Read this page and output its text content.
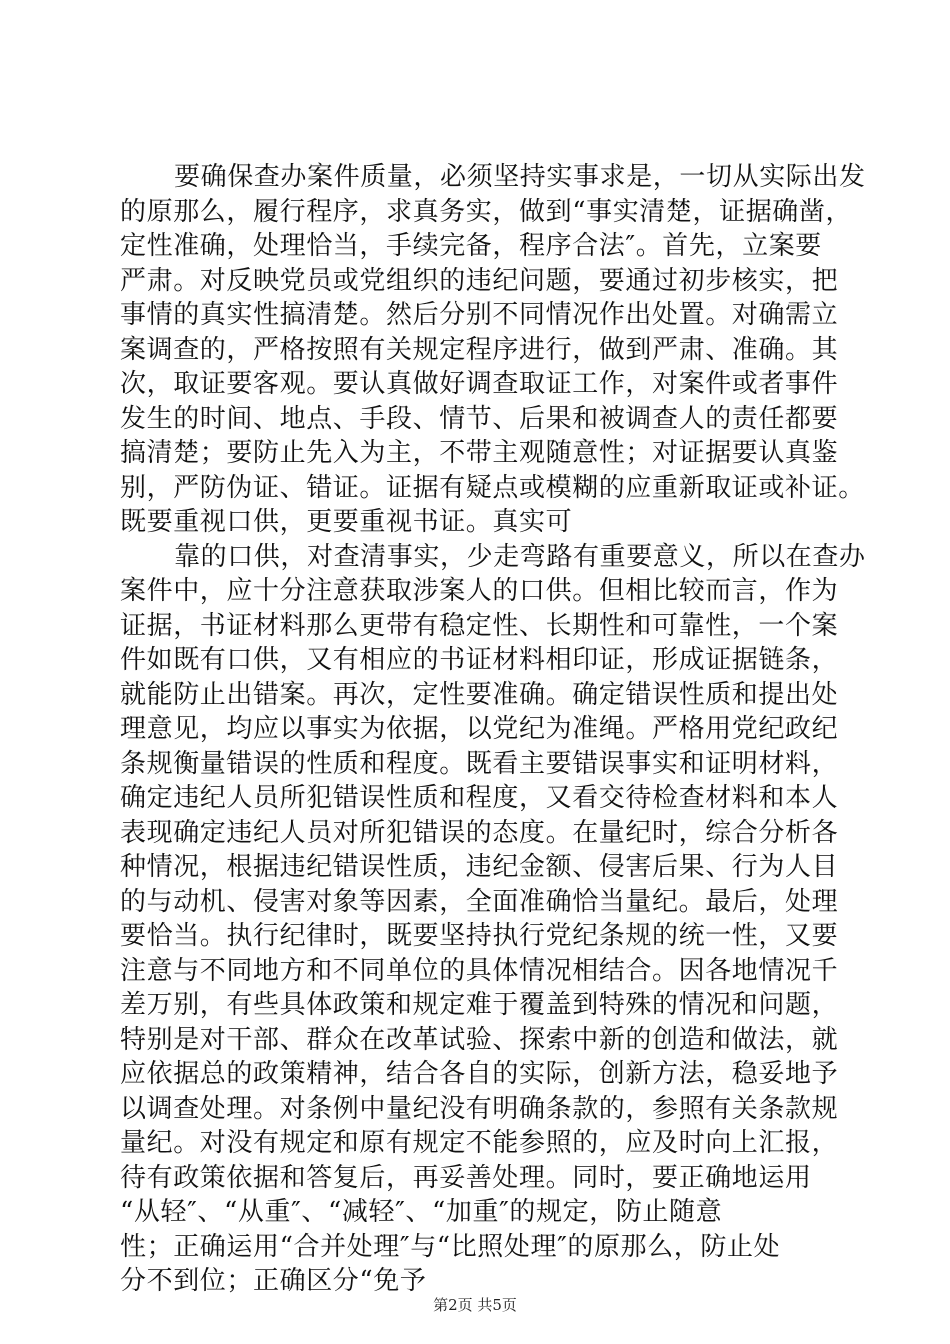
要确保查办案件质量，必须坚持实事求是，一切从实际出发
的原那么，履行程序，求真务实，做到“事实清楚，证据确凿，
定性准确，处理恰当，手续完备，程序合法″。首先，立案要
严肃。对反映党员或党组织的违纪问题，要通过初步核实，把
事情的真实性搞清楚。然后分别不同情况作出处置。对确需立
案调查的，严格按照有关规定程序进行，做到严肃、准确。其
次，取证要客观。要认真做好调查取证工作，对案件或者事件
发生的时间、地点、手段、情节、后果和被调查人的责任都要
搞清楚；要防止先入为主，不带主观随意性；对证据要认真鉴
别，严防伪证、错证。证据有疑点或模糊的应重新取证或补证。
既要重视口供，更要重视书证。真实可
靠的口供，对查清事实，少走弯路有重要意义，所以在查办
案件中，应十分注意获取涉案人的口供。但相比较而言，作为
证据，书证材料那么更带有稳定性、长期性和可靠性，一个案
件如既有口供，又有相应的书证材料相印证，形成证据链条，
就能防止出错案。再次，定性要准确。确定错误性质和提出处
理意见，均应以事实为依据，以党纪为准绳。严格用党纪政纪
条规衡量错误的性质和程度。既看主要错误事实和证明材料，
确定违纪人员所犯错误性质和程度，又看交待检查材料和本人
表现确定违纪人员对所犯错误的态度。在量纪时，综合分析各
种情况，根据违纪错误性质，违纪金额、侵害后果、行为人目
的与动机、侵害对象等因素，全面准确恰当量纪。最后，处理
要恰当。执行纪律时，既要坚持执行党纪条规的统一性，又要
注意与不同地方和不同单位的具体情况相结合。因各地情况千
差万别，有些具体政策和规定难于覆盖到特殊的情况和问题，
特别是对干部、群众在改革试验、探索中新的创造和做法，就
应依据总的政策精神，结合各自的实际，创新方法，稳妥地予
以调查处理。对条例中量纪没有明确条款的，参照有关条款规
量纪。对没有规定和原有规定不能参照的，应及时向上汇报，
待有政策依据和答复后，再妥善处理。同时，要正确地运用
“从轻″、“从重″、“减轻″、“加重″的规定，防止随意
性；正确运用“合并处理″与“比照处理″的原那么，防止处
分不到位；正确区分“免予
第2页 共5页
